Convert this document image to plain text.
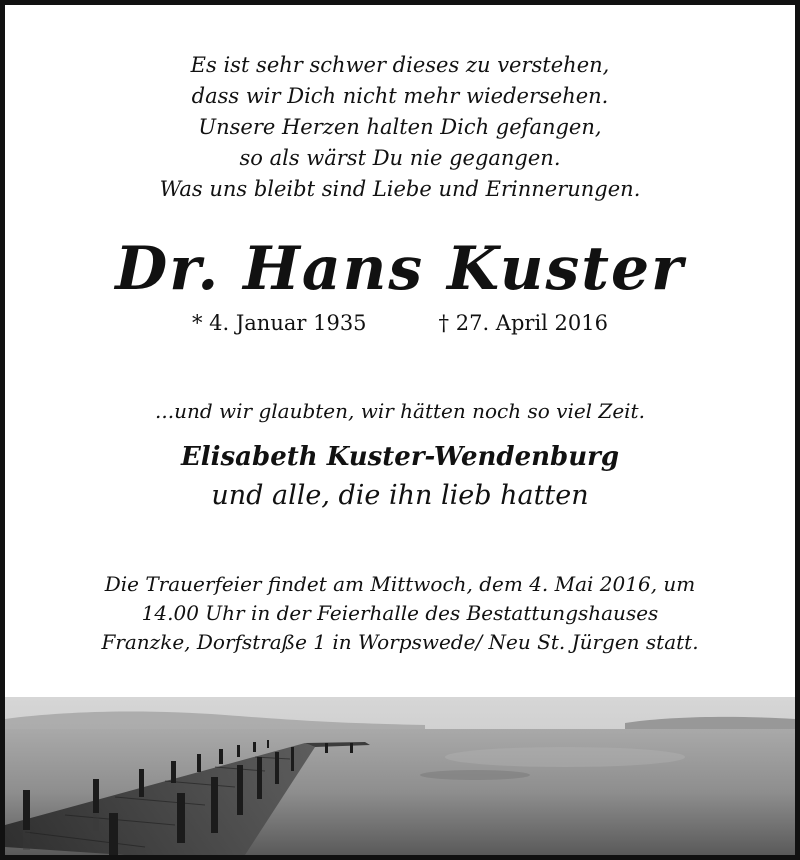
Es ist sehr schwer dieses zu verstehen,
dass wir Dich nicht mehr wiedersehen.
Unsere Herzen halten Dich gefangen,
so als wärst Du nie gegangen.
Was uns bleibt sind Liebe und Erinnerungen.
Dr. Hans Kuster
* 4. Januar 1935	† 27. April 2016
...und wir glaubten, wir hätten noch so viel Zeit.
Elisabeth Kuster-Wendenburg
und alle, die ihn lieb hatten
Die Trauerfeier findet am Mittwoch, dem 4. Mai 2016, um
14.00 Uhr in der Feierhalle des Bestattungshauses
Franzke, Dorfstraße 1 in Worpswede/ Neu St. Jürgen statt.
